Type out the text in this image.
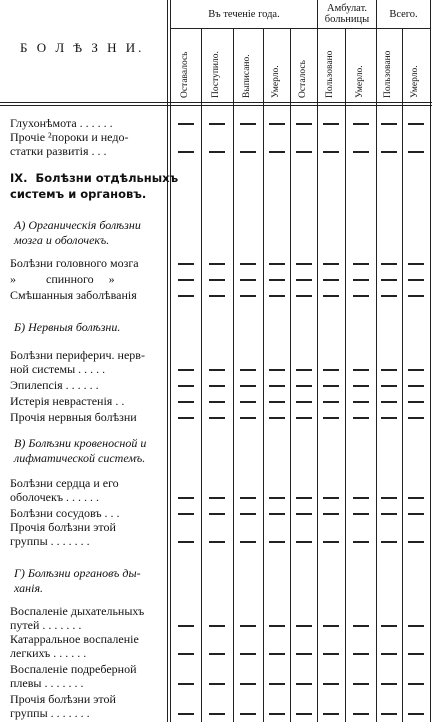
Б О Л Ѣ З Н И.
Въ теченіе года.
Амбулат. больницы	Всего.
Оставалось Поступило. Выписано. Умерло. Осталось Пользовано Умерло. Пользовано Умерло.
Глухонѣмота . . . . . .
Прочіе ²пороки и недо-
статки развитія . . .
IX.  Болѣзни отдѣльныхъ
системъ и органовъ.
А) Органическія болѣзни
мозга и оболочекъ.
Болѣзни головного мозга
»          спинного     »
Смѣшанныя заболѣванія
Б) Нервныя болѣзни.
Болѣзни периферич. нерв-
ной системы . . . . .
Эпилепсія . . . . . .
Истерія неврастенія . .
Прочія нервныя болѣзни
В) Болѣзни кровеносной и
лифматической системъ.
Болѣзни сердца и его
оболочекъ . . . . . .
Болѣзни сосудовъ . . .
Прочія болѣзни этой
группы . . . . . . .
Г) Болѣзни органовъ ды-
ханія.
Воспаленіе дыхательныхъ
путей . . . . . . .
Катарральное воспаленіе
легкихъ . . . . . .
Воспаленіе подреберной
плевы . . . . . . .
Прочія болѣзни этой
группы . . . . . . .
